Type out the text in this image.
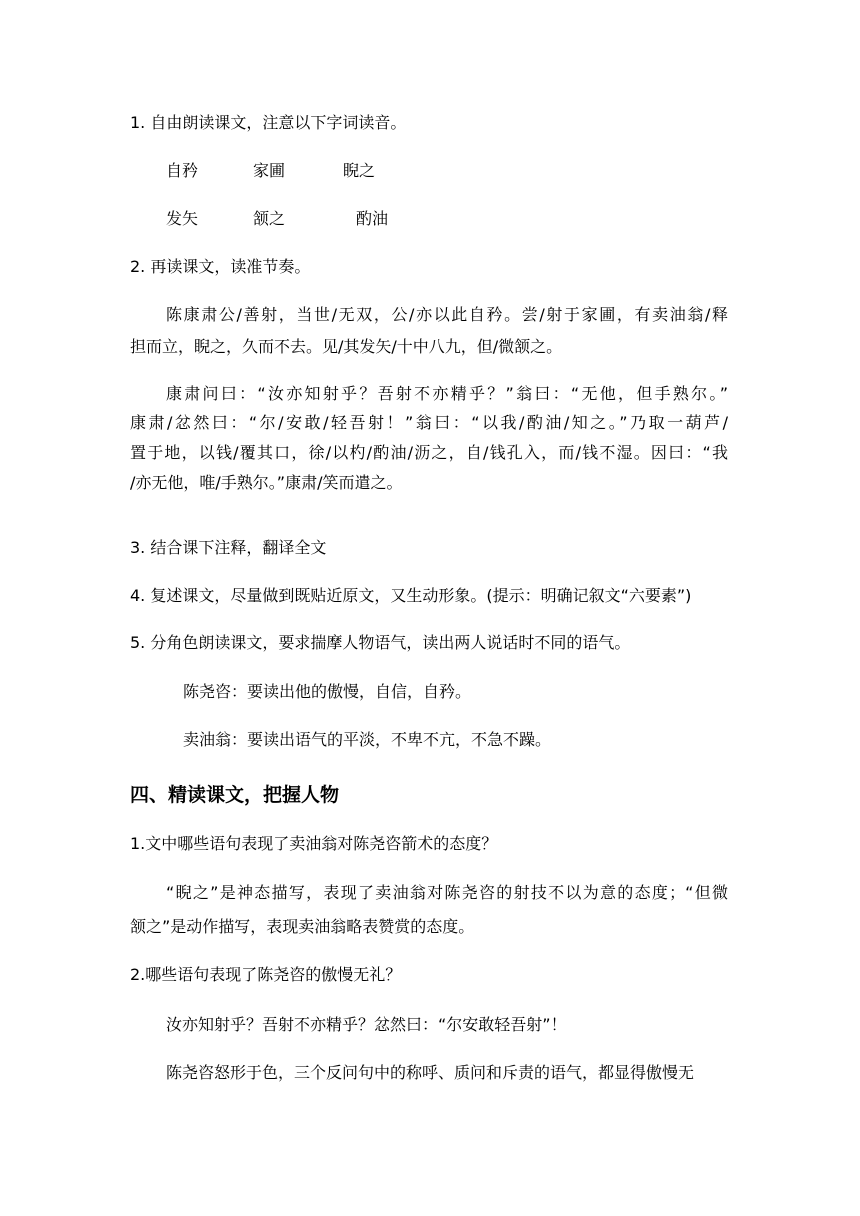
1. 自由朗读课文，注意以下字词读音。
自矜	家圃	睨之
发矢	颔之	酌油
2. 再读课文，读准节奏。
陈康肃公/善射，当世/无双，公/亦以此自矜。尝/射于家圃，有卖油翁/释
担而立，睨之，久而不去。见/其发矢/十中八九，但/微颔之。
康肃问曰：“汝亦知射乎？吾射不亦精乎？”翁曰：“无他，但手熟尔。”
康肃/忿然曰：“尔/安敢/轻吾射！”翁曰：“以我/酌油/知之。”乃取一葫芦/
置于地，以钱/覆其口，徐/以杓/酌油/沥之，自/钱孔入，而/钱不湿。因曰：“我
/亦无他，唯/手熟尔。”康肃/笑而遣之。
3. 结合课下注释，翻译全文
4. 复述课文，尽量做到既贴近原文，又生动形象。(提示：明确记叙文“六要素”)
5. 分角色朗读课文，要求揣摩人物语气，读出两人说话时不同的语气。
陈尧咨：要读出他的傲慢，自信，自矜。
卖油翁：要读出语气的平淡，不卑不亢，不急不躁。
四、精读课文，把握人物
1.文中哪些语句表现了卖油翁对陈尧咨箭术的态度？
“睨之”是神态描写，表现了卖油翁对陈尧咨的射技不以为意的态度；“但微
颔之”是动作描写，表现卖油翁略表赞赏的态度。
2.哪些语句表现了陈尧咨的傲慢无礼？
汝亦知射乎？吾射不亦精乎？忿然曰：“尔安敢轻吾射”！
陈尧咨怒形于色，三个反问句中的称呼、质问和斥责的语气，都显得傲慢无
